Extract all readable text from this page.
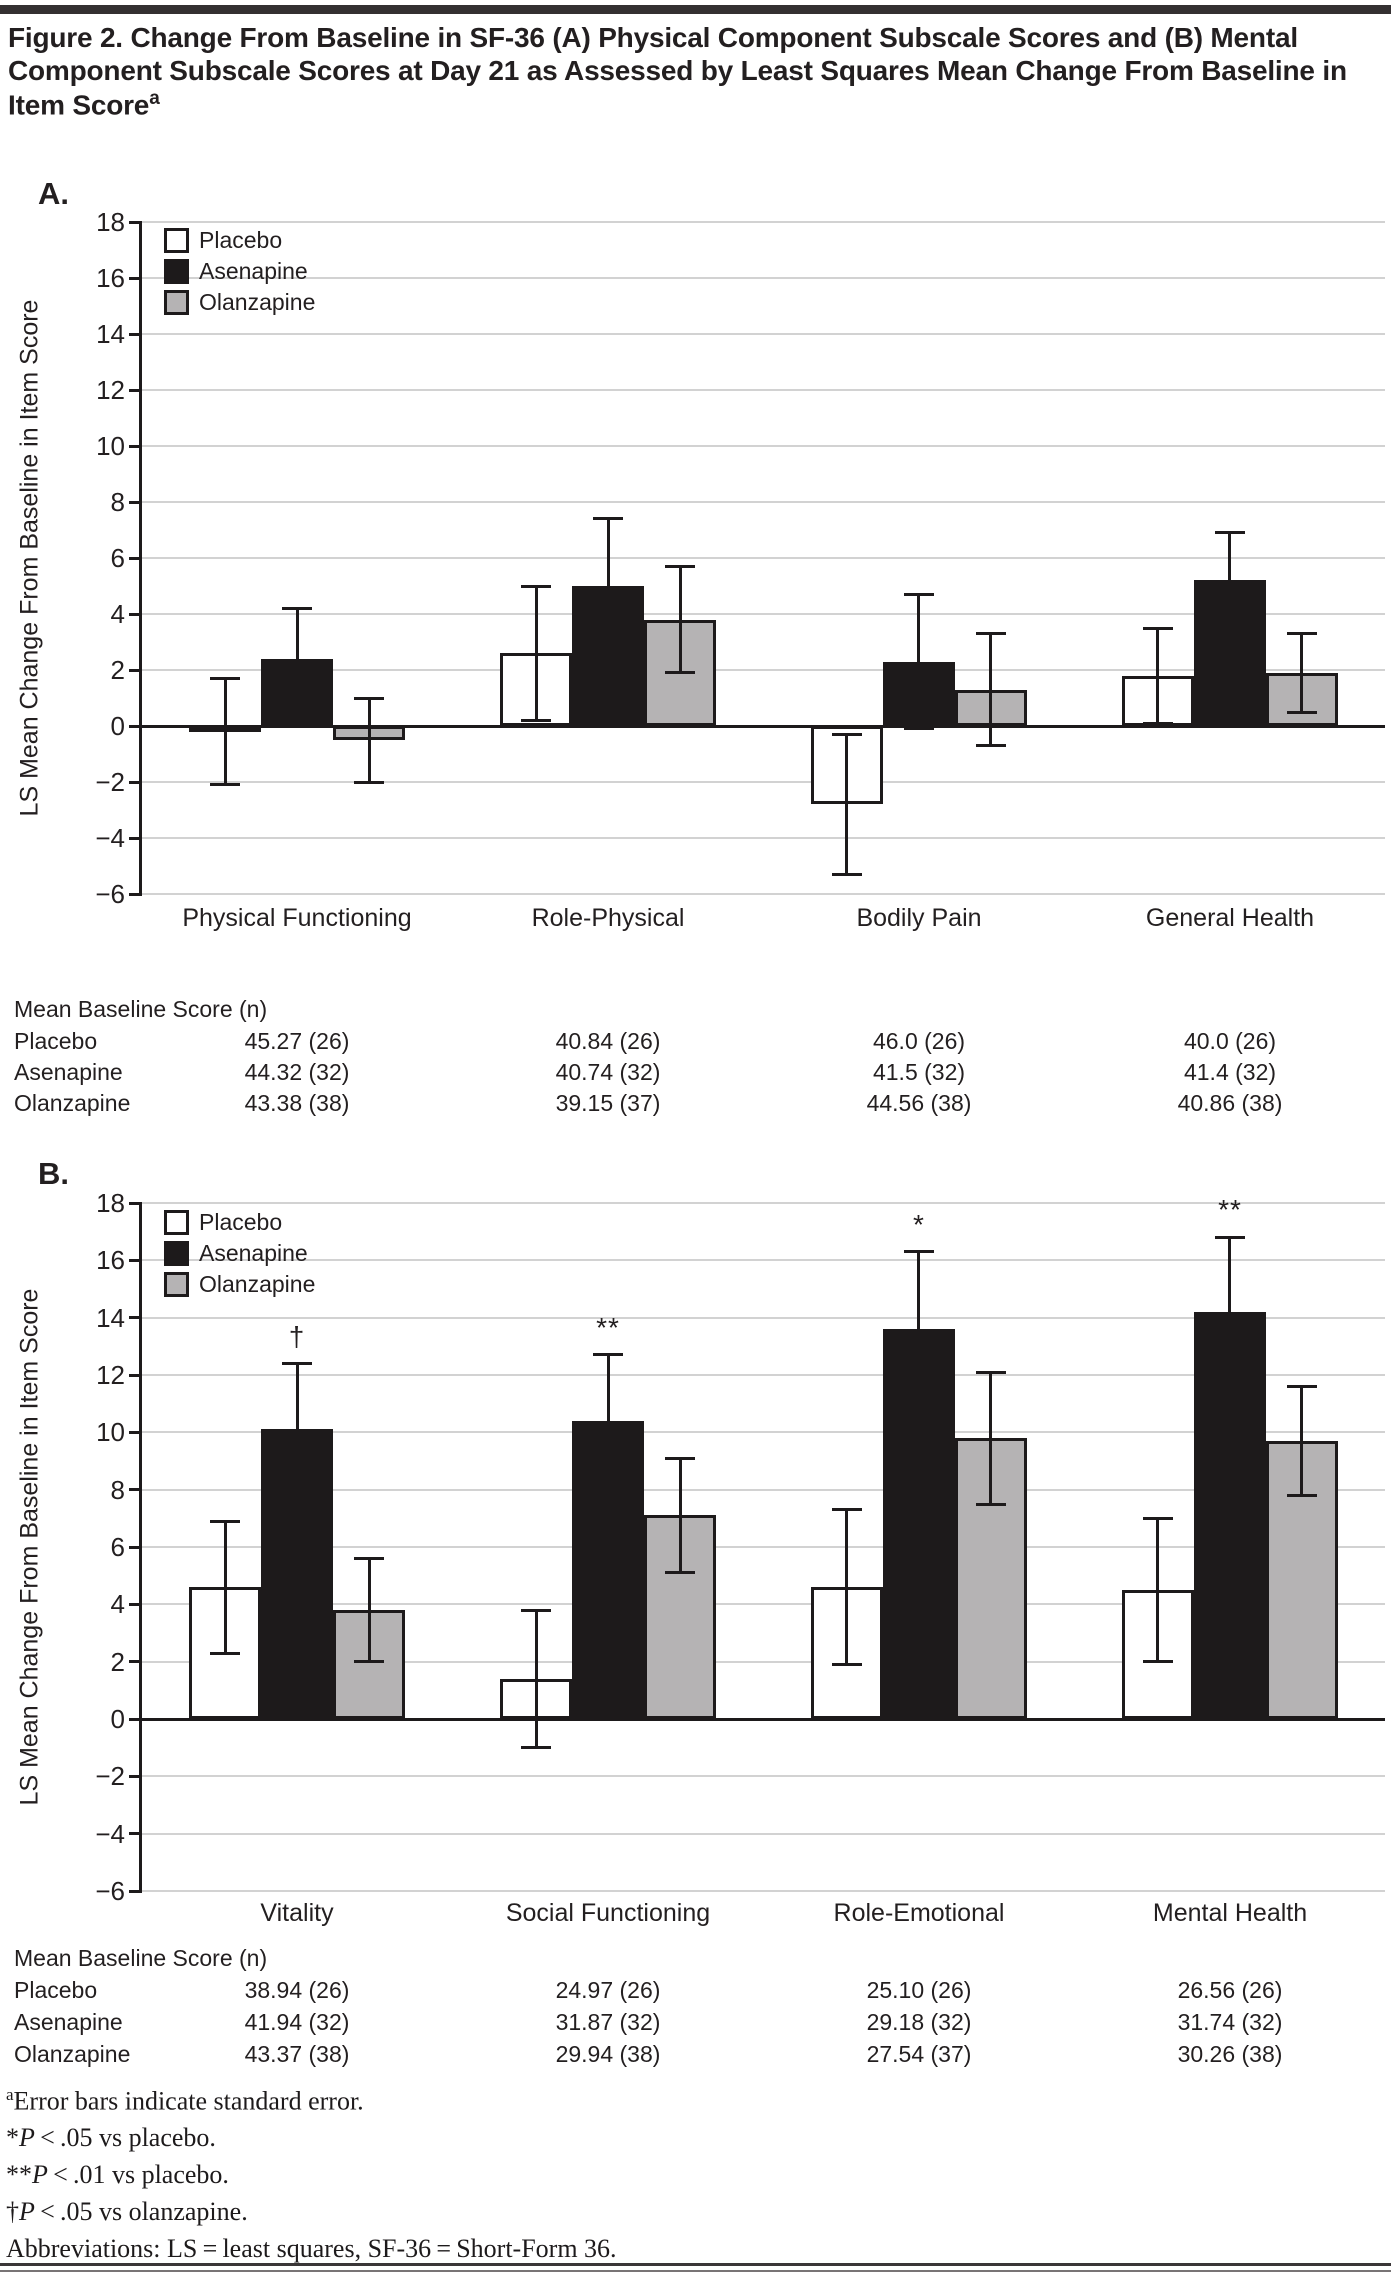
Figure 2. Change From Baseline in SF-36 (A) Physical Component Subscale Scores and (B) Mental Component Subscale Scores at Day 21 as Assessed by Least Squares Mean Change From Baseline in Item Score$^a$
A.
LS Mean Change From Baseline in Item Score
−6
−4
−2
0
2
4
6
8
10
12
14
16
18
Physical Functioning	Role-Physical	Bodily Pain	General Health
Placebo
Asenapine
Olanzapine
Mean Baseline Score (n)
Placebo	45.27 (26)	40.84 (26)	46.0 (26)	40.0 (26)
Asenapine	44.32 (32)	40.74 (32)	41.5 (32)	41.4 (32)
Olanzapine	43.38 (38)	39.15 (37)	44.56 (38)	40.86 (38)
B.
LS Mean Change From Baseline in Item Score
−6
−4
−2
0
2
4
6
8
10
12
14
16
18
†	**
*	**
Vitality	Social Functioning	Role-Emotional	Mental Health
Placebo
Asenapine
Olanzapine
Mean Baseline Score (n)
Placebo	38.94 (26)	24.97 (26)	25.10 (26)	26.56 (26)
Asenapine	41.94 (32)	31.87 (32)	29.18 (32)	31.74 (32)
Olanzapine	43.37 (38)	29.94 (38)	27.54 (37)	30.26 (38)
$^a$Error bars indicate standard error.
*P < .05 vs placebo.
**P < .01 vs placebo.
†P < .05 vs olanzapine.
Abbreviations: LS = least squares, SF-36 = Short-Form 36.
